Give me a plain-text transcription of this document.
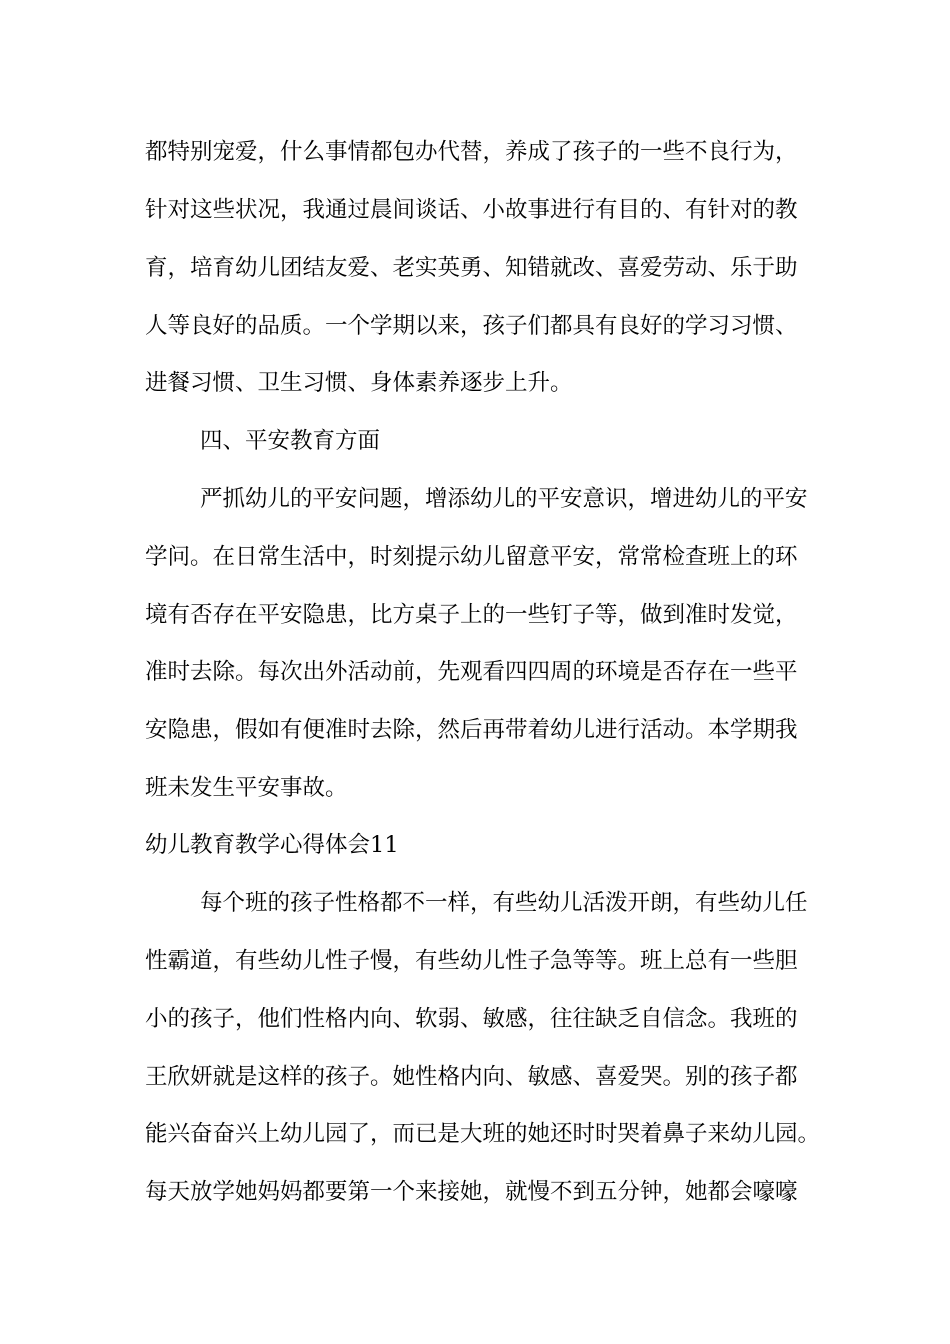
都特别宠爱，什么事情都包办代替，养成了孩子的一些不良行为，
针对这些状况，我通过晨间谈话、小故事进行有目的、有针对的教
育，培育幼儿团结友爱、老实英勇、知错就改、喜爱劳动、乐于助
人等良好的品质。一个学期以来，孩子们都具有良好的学习习惯、
进餐习惯、卫生习惯、身体素养逐步上升。
四、平安教育方面
严抓幼儿的平安问题，增添幼儿的平安意识，增进幼儿的平安
学问。在日常生活中，时刻提示幼儿留意平安，常常检查班上的环
境有否存在平安隐患，比方桌子上的一些钉子等，做到准时发觉，
准时去除。每次出外活动前，先观看四四周的环境是否存在一些平
安隐患，假如有便准时去除，然后再带着幼儿进行活动。本学期我
班未发生平安事故。
幼儿教育教学心得体会11
每个班的孩子性格都不一样，有些幼儿活泼开朗，有些幼儿任
性霸道，有些幼儿性子慢，有些幼儿性子急等等。班上总有一些胆
小的孩子，他们性格内向、软弱、敏感，往往缺乏自信念。我班的
王欣妍就是这样的孩子。她性格内向、敏感、喜爱哭。别的孩子都
能兴奋奋兴上幼儿园了，而已是大班的她还时时哭着鼻子来幼儿园。
每天放学她妈妈都要第一个来接她，就慢不到五分钟，她都会嚎嚎
